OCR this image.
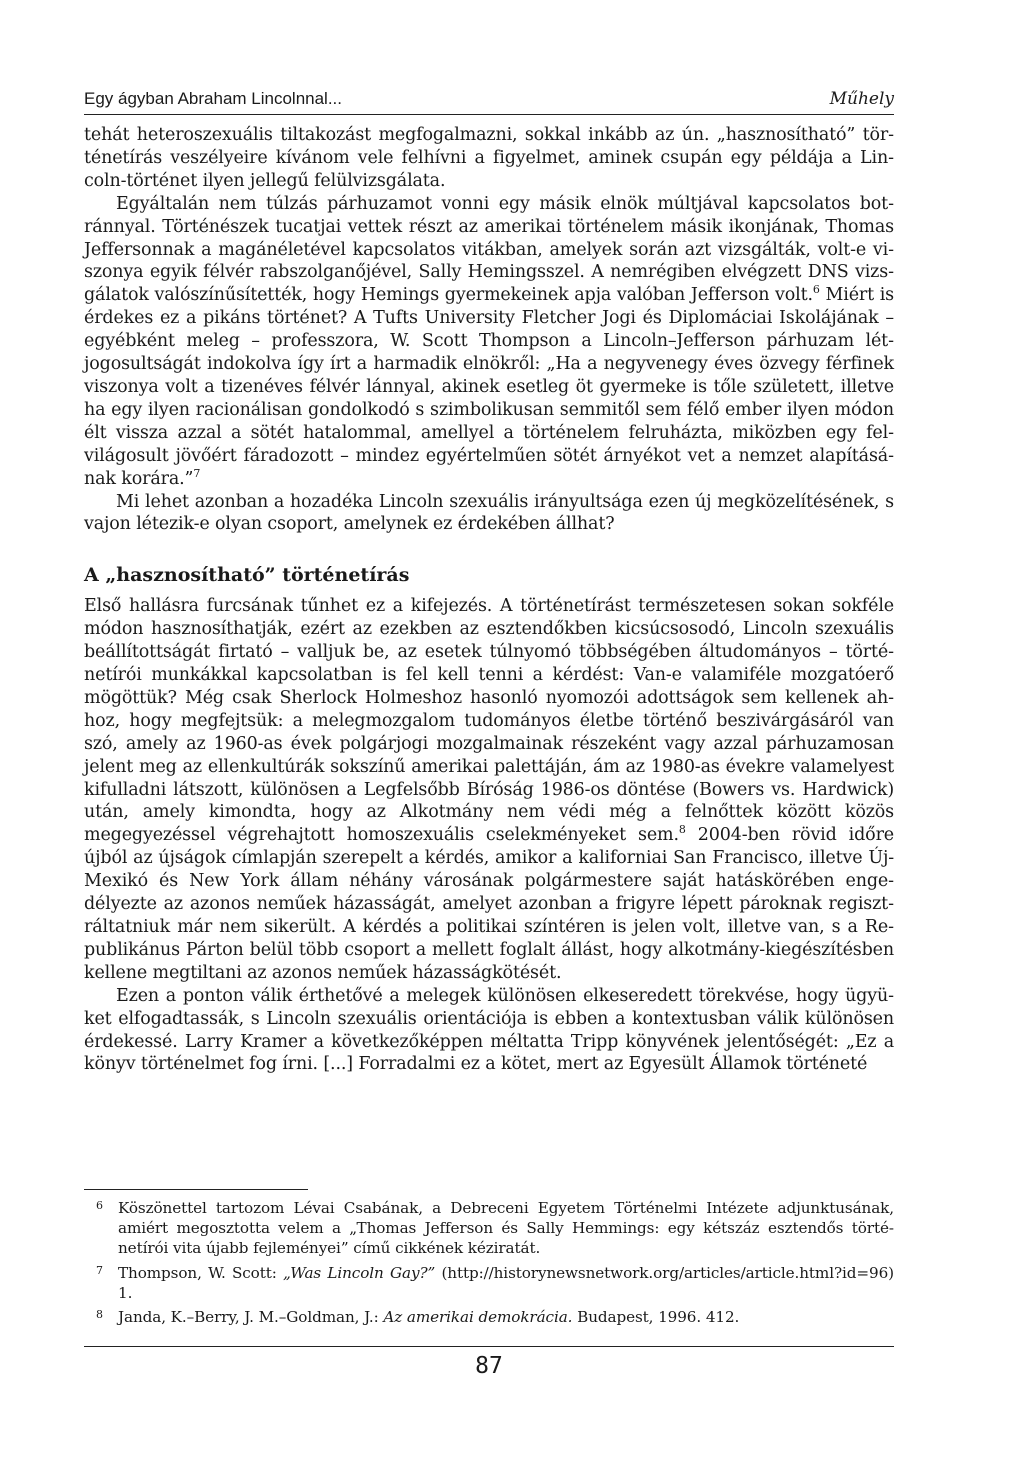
Egy ágyban Abraham Lincolnnal...	Műhely

tehát heteroszexuális tiltakozást megfogalmazni, sokkal inkább az ún. „hasznosítható” történetírás veszélyeire kívánom vele felhívni a figyelmet, aminek csupán egy példája a Lincoln-történet ilyen jellegű felülvizsgálata.

Egyáltalán nem túlzás párhuzamot vonni egy másik elnök múltjával kapcsolatos botránnyal. Történészek tucatjai vettek részt az amerikai történelem másik ikonjának, Thomas Jeffersonnak a magánéletével kapcsolatos vitákban, amelyek során azt vizsgálták, volt-e viszonya egyik félvér rabszolganőjével, Sally Hemingsszel. A nemrégiben elvégzett DNS vizsgálatok valószínűsítették, hogy Hemings gyermekeinek apja valóban Jefferson volt.$^6$ Miért is érdekes ez a pikáns történet? A Tufts University Fletcher Jogi és Diplomáciai Iskolájának – egyébként meleg – professzora, W. Scott Thompson a Lincoln–Jefferson párhuzam létjogosultságát indokolva így írt a harmadik elnökről: „Ha a negyvenegy éves özvegy férfinek viszonya volt a tizenéves félvér lánnyal, akinek esetleg öt gyermeke is tőle született, illetve ha egy ilyen racionálisan gondolkodó s szimbolikusan semmitől sem félő ember ilyen módon élt vissza azzal a sötét hatalommal, amellyel a történelem felruházta, miközben egy felvilágosult jövőért fáradozott – mindez egyértelműen sötét árnyékot vet a nemzet alapításának korára.”$^7$

Mi lehet azonban a hozadéka Lincoln szexuális irányultsága ezen új megközelítésének, s vajon létezik-e olyan csoport, amelynek ez érdekében állhat?

A „hasznosítható” történetírás

Első hallásra furcsának tűnhet ez a kifejezés. A történetírást természetesen sokan sokféle módon hasznosíthatják, ezért az ezekben az esztendőkben kicsúcsosodó, Lincoln szexuális beállítottságát firtató – valljuk be, az esetek túlnyomó többségében áltudományos – történetírói munkákkal kapcsolatban is fel kell tenni a kérdést: Van-e valamiféle mozgatóerő mögöttük? Még csak Sherlock Holmeshoz hasonló nyomozói adottságok sem kellenek ahhoz, hogy megfejtsük: a melegmozgalom tudományos életbe történő beszivárgásáról van szó, amely az 1960-as évek polgárjogi mozgalmainak részeként vagy azzal párhuzamosan jelent meg az ellenkultúrák sokszínű amerikai palettáján, ám az 1980-as évekre valamelyest kifulladni látszott, különösen a Legfelsőbb Bíróság 1986-os döntése (Bowers vs. Hardwick) után, amely kimondta, hogy az Alkotmány nem védi még a felnőttek között közös megegyezéssel végrehajtott homoszexuális cselekményeket sem.$^8$ 2004-ben rövid időre újból az újságok címlapján szerepelt a kérdés, amikor a kaliforniai San Francisco, illetve Új-Mexikó és New York állam néhány városának polgármestere saját hatáskörében engedélyezte az azonos neműek házasságát, amelyet azonban a frigyre lépett pároknak regisztráltatniuk már nem sikerült. A kérdés a politikai színtéren is jelen volt, illetve van, s a Republikánus Párton belül több csoport a mellett foglalt állást, hogy alkotmány-kiegészítésben kellene megtiltani az azonos neműek házasságkötését.

Ezen a ponton válik érthetővé a melegek különösen elkeseredett törekvése, hogy ügyüket elfogadtassák, s Lincoln szexuális orientációja is ebben a kontextusban válik különösen érdekessé. Larry Kramer a következőképpen méltatta Tripp könyvének jelentőségét: „Ez a könyv történelmet fog írni. [...] Forradalmi ez a kötet, mert az Egyesült Államok történeté

6 Köszönettel tartozom Lévai Csabának, a Debreceni Egyetem Történelmi Intézete adjunktusának, amiért megosztotta velem a „Thomas Jefferson és Sally Hemmings: egy kétszáz esztendős történetírói vita újabb fejleményei” című cikkének kéziratát.
7 Thompson, W. Scott: „Was Lincoln Gay?” (http://historynewsnetwork.org/articles/article.html?id=96) 1.
8 Janda, K.–Berry, J. M.–Goldman, J.: Az amerikai demokrácia. Budapest, 1996. 412.
87
